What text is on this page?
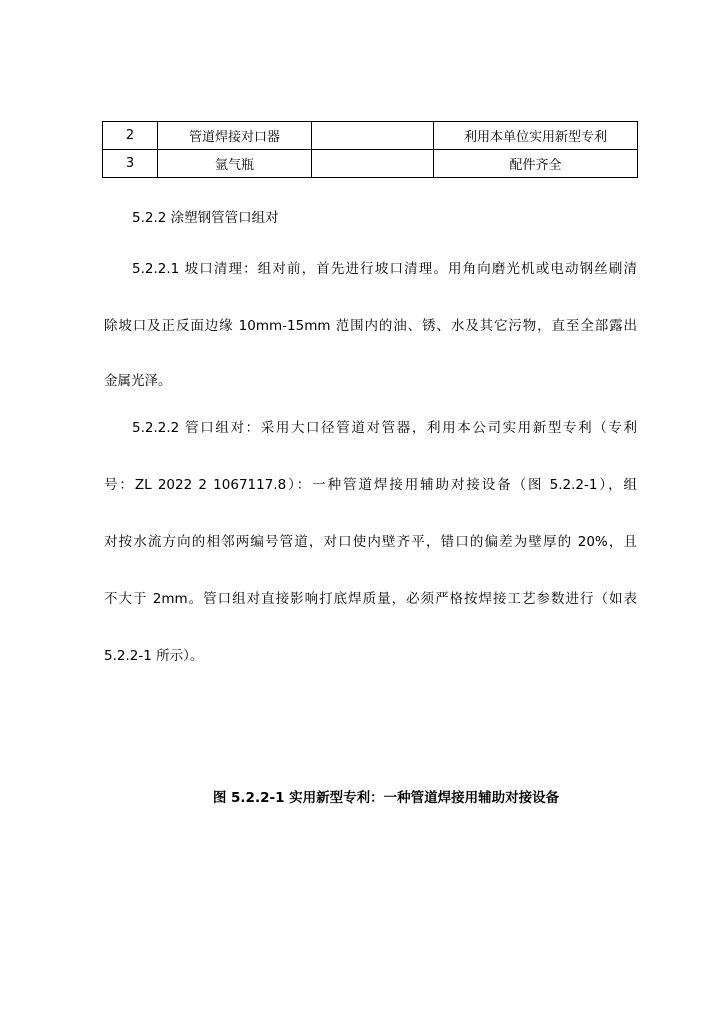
2	管道焊接对口器		利用本单位实用新型专利
3	氩气瓶		配件齐全
5.2.2 涂塑钢管管口组对
5.2.2.1 坡口清理：组对前，首先进行坡口清理。用角向磨光机或电动钢丝刷清
除坡口及正反面边缘 10mm-15mm 范围内的油、锈、水及其它污物，直至全部露出
金属光泽。
5.2.2.2 管口组对：采用大口径管道对管器，利用本公司实用新型专利（专利
号：ZL 2022 2 1067117.8）：一种管道焊接用辅助对接设备（图 5.2.2-1），组
对按水流方向的相邻两编号管道，对口使内壁齐平，错口的偏差为壁厚的 20%，且
不大于 2mm。管口组对直接影响打底焊质量，必须严格按焊接工艺参数进行（如表
5.2.2-1 所示）。
图 5.2.2-1 实用新型专利：一种管道焊接用辅助对接设备
